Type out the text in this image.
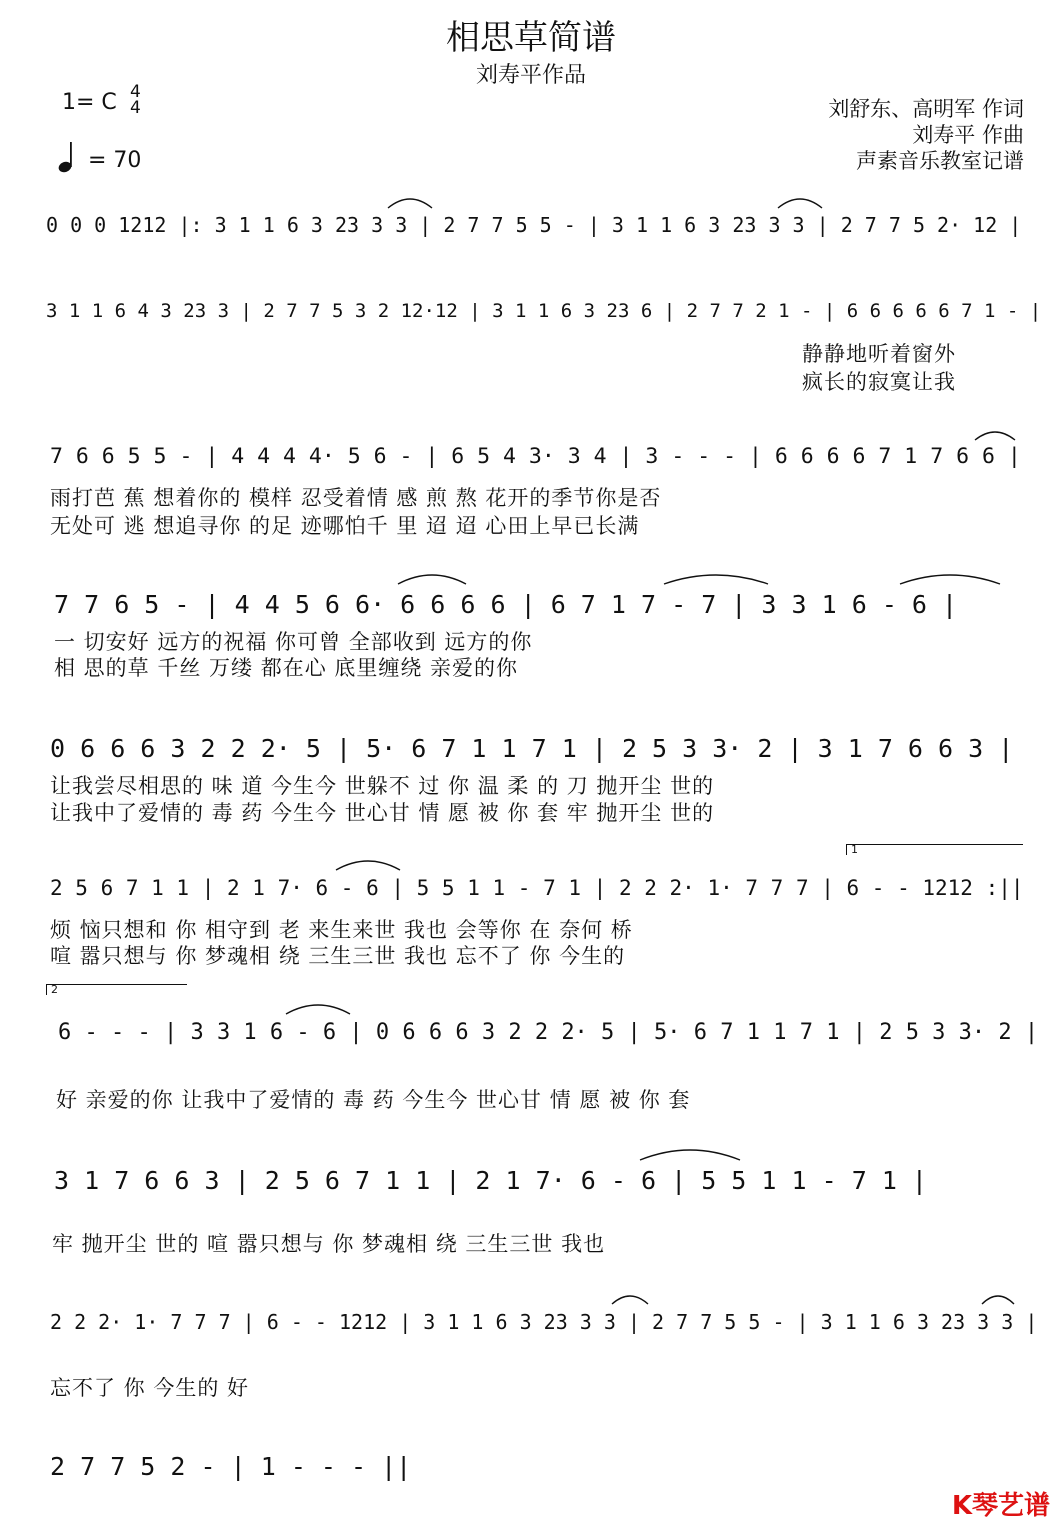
相思草简谱
刘寿平作品
1= C 4
4
= 70
刘舒东、高明军 作词
刘寿平 作曲
声素音乐教室记谱
0 0 0 1212 |: 3 1 1 6 3 23 3 3 | 2 7 7 5 5 - | 3 1 1 6 3 23 3 3 | 2 7 7 5 2· 12 |
3 1 1 6 4 3 23 3 | 2 7 7 5 3 2 12·12 | 3 1 1 6 3 23 6 | 2 7 7 2 1 - | 6 6 6 6 6 7 1 - |
静静地听着窗外
疯长的寂寞让我
7 6 6 5 5 - | 4 4 4 4· 5 6 - | 6 5 4 3· 3 4 | 3 - - - | 6 6 6 6 7 1 7 6 6 |
雨打芭 蕉 想着你的 模样 忍受着情 感 煎 熬 花开的季节你是否
无处可 逃 想追寻你 的足 迹哪怕千 里 迢 迢 心田上早已长满
7 7 6 5 - | 4 4 5 6 6· 6 6 6 6 | 6 7 1 7 - 7 | 3 3 1 6 - 6 |
一 切安好 远方的祝福 你可曾 全部收到 远方的你
相 思的草 千丝 万缕 都在心 底里缠绕 亲爱的你
0 6 6 6 3 2 2 2· 5 | 5· 6 7 1 1 7 1 | 2 5 3 3· 2 | 3 1 7 6 6 3 |
让我尝尽相思的 味 道 今生今 世躲不 过 你 温 柔 的 刀 抛开尘 世的
让我中了爱情的 毒 药 今生今 世心甘 情 愿 被 你 套 牢 抛开尘 世的
1
2 5 6 7 1 1 | 2 1 7· 6 - 6 | 5 5 1 1 - 7 1 | 2 2 2· 1· 7 7 7 | 6 - - 1212 :||
烦 恼只想和 你 相守到 老 来生来世 我也 会等你 在 奈何 桥
喧 嚣只想与 你 梦魂相 绕 三生三世 我也 忘不了 你 今生的
2
6 - - - | 3 3 1 6 - 6 | 0 6 6 6 3 2 2 2· 5 | 5· 6 7 1 1 7 1 | 2 5 3 3· 2 |
好 亲爱的你 让我中了爱情的 毒 药 今生今 世心甘 情 愿 被 你 套
3 1 7 6 6 3 | 2 5 6 7 1 1 | 2 1 7· 6 - 6 | 5 5 1 1 - 7 1 |
牢 抛开尘 世的 喧 嚣只想与 你 梦魂相 绕 三生三世 我也
2 2 2· 1· 7 7 7 | 6 - - 1212 | 3 1 1 6 3 23 3 3 | 2 7 7 5 5 - | 3 1 1 6 3 23 3 3 |
忘不了 你 今生的 好
2 7 7 5 2 - | 1 - - - ||
K琴艺谱
